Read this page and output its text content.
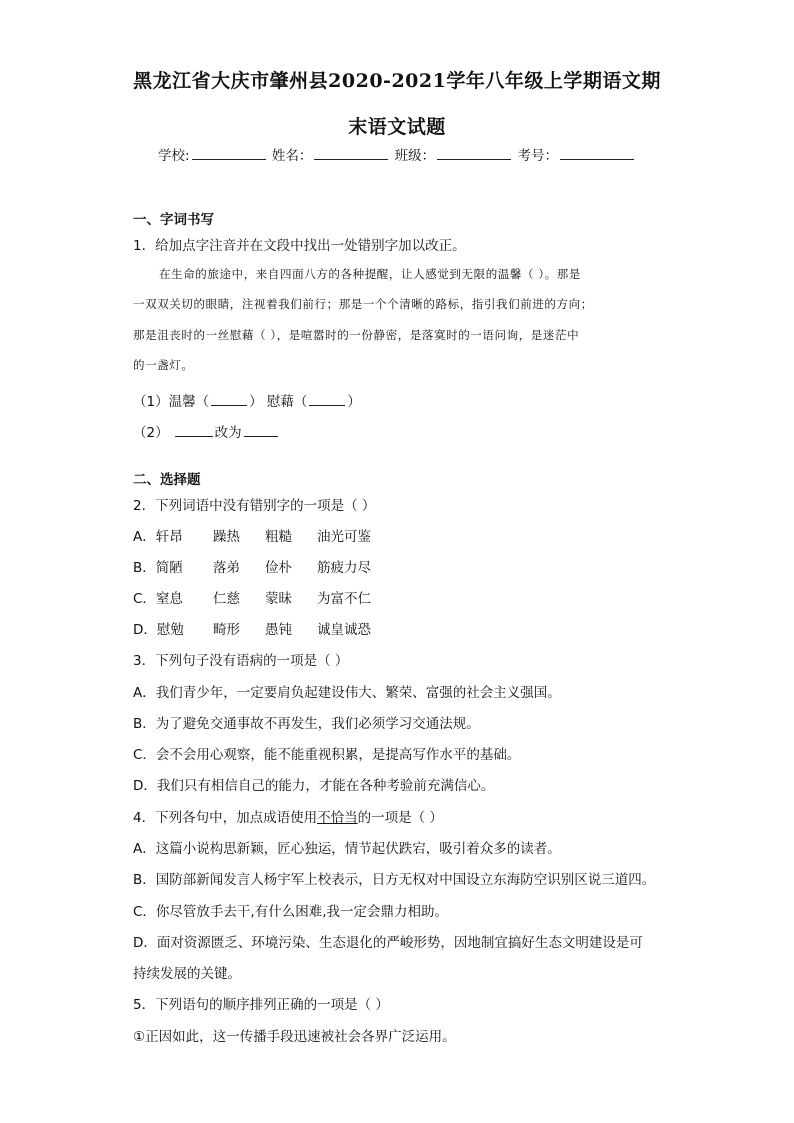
黑龙江省大庆市肇州县2020-2021学年八年级上学期语文期
末语文试题
学校:	姓名：	班级：	考号：
一、字词书写
1．给加点字注音并在文段中找出一处错别字加以改正。
在生命的旅途中，来自四面八方的各种提醒，让人感觉到无限的温馨（ ）。那是
一双双关切的眼睛，注视着我们前行；那是一个个清晰的路标，指引我们前进的方向；
那是沮丧时的一丝慰藉（ ），是喧嚣时的一份静密，是落寞时的一语问询，是迷茫中
的一盏灯。
（1）温馨（	） 慰藉（	）
（2）	改为
二、选择题
2．下列词语中没有错别字的一项是（ ）
A．轩昂 躁热 粗糙 油光可鉴
B．简陋 落弟 俭朴 筋疲力尽
C．窒息 仁慈 蒙昧 为富不仁
D．慰勉 畸形 愚钝 诚皇诚恐
3．下列句子没有语病的一项是（ ）
A．我们青少年，一定要肩负起建设伟大、繁荣、富强的社会主义强国。
B．为了避免交通事故不再发生，我们必须学习交通法规。
C．会不会用心观察，能不能重视积累，是提高写作水平的基础。
D．我们只有相信自己的能力，才能在各种考验前充满信心。
4．下列各句中，加点成语使用不恰当的一项是（ ）
A．这篇小说构思新颖，匠心独运，情节起伏跌宕，吸引着众多的读者。
B．国防部新闻发言人杨宇军上校表示，日方无权对中国设立东海防空识别区说三道四。
C．你尽管放手去干,有什么困难,我一定会鼎力相助。
D．面对资源匮乏、环境污染、生态退化的严峻形势，因地制宜搞好生态文明建设是可
持续发展的关键。
5．下列语句的顺序排列正确的一项是（ ）
①正因如此，这一传播手段迅速被社会各界广泛运用。
